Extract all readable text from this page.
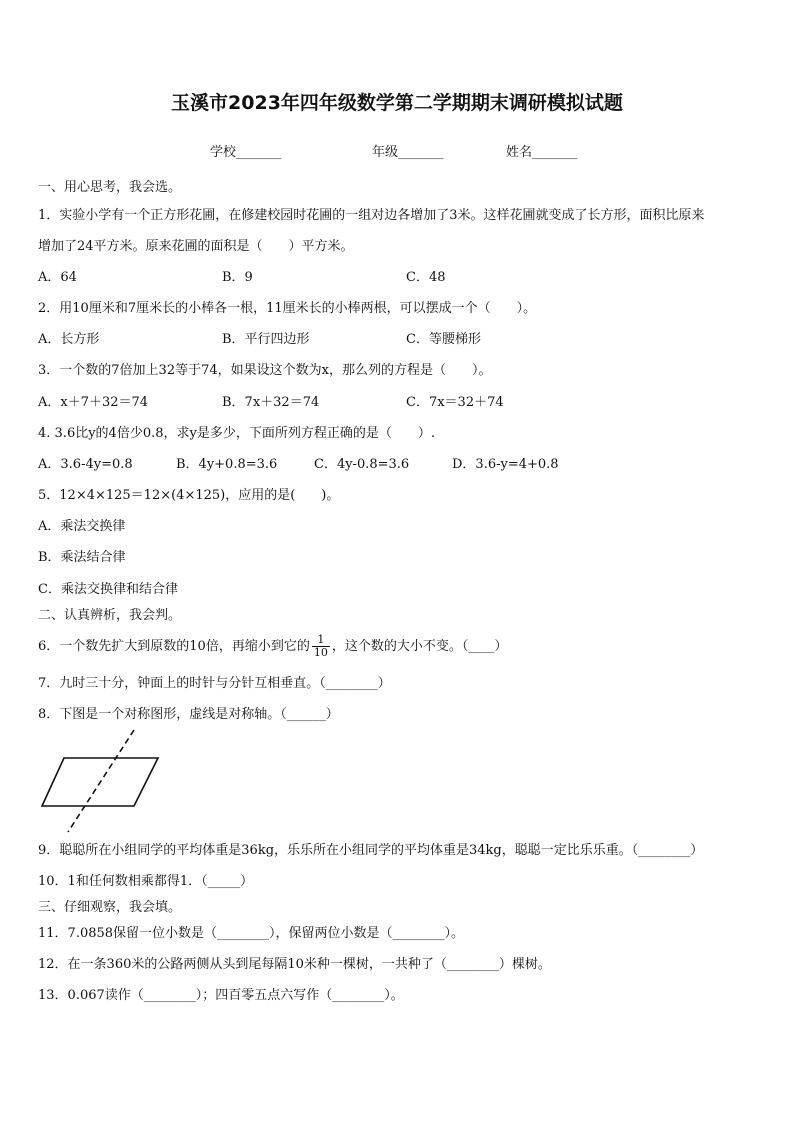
玉溪市2023年四年级数学第二学期期末调研模拟试题
学校_______	年级_______	姓名_______
一、用心思考，我会选。
1．实验小学有一个正方形花圃，在修建校园时花圃的一组对边各增加了3米。这样花圃就变成了长方形，面积比原来
增加了24平方米。原来花圃的面积是（　　）平方米。
A．64	B．9	C．48
2．用10厘米和7厘米长的小棒各一根，11厘米长的小棒两根，可以摆成一个（　　）。
A．长方形	B．平行四边形	C．等腰梯形
3．一个数的7倍加上32等于74，如果设这个数为x，那么列的方程是（　　）。
A．x＋7＋32＝74	B．7x＋32＝74	C．7x＝32＋74
4. 3.6比y的4倍少0.8，求y是多少，下面所列方程正确的是（　　）.
A．3.6-4y=0.8	B．4y+0.8=3.6	C．4y-0.8=3.6	D．3.6-y=4+0.8
5．12×4×125＝12×(4×125)，应用的是(　　)。
A．乘法交换律
B．乘法结合律
C．乘法交换律和结合律
二、认真辨析，我会判。
6．一个数先扩大到原数的10倍，再缩小到它的 $\frac{1}{10}$ ，这个数的大小不变。（____）
7．九时三十分，钟面上的时针与分针互相垂直。（________）
8．下图是一个对称图形，虚线是对称轴。（______）
9．聪聪所在小组同学的平均体重是36kg，乐乐所在小组同学的平均体重是34kg，聪聪一定比乐乐重。（________）
10．1和任何数相乘都得1．（_____）
三、仔细观察，我会填。
11．7.0858保留一位小数是（________），保留两位小数是（________）。
12．在一条360米的公路两侧从头到尾每隔10米种一棵树，一共种了（________）棵树。
13．0.067读作（________）；四百零五点六写作（________）。
